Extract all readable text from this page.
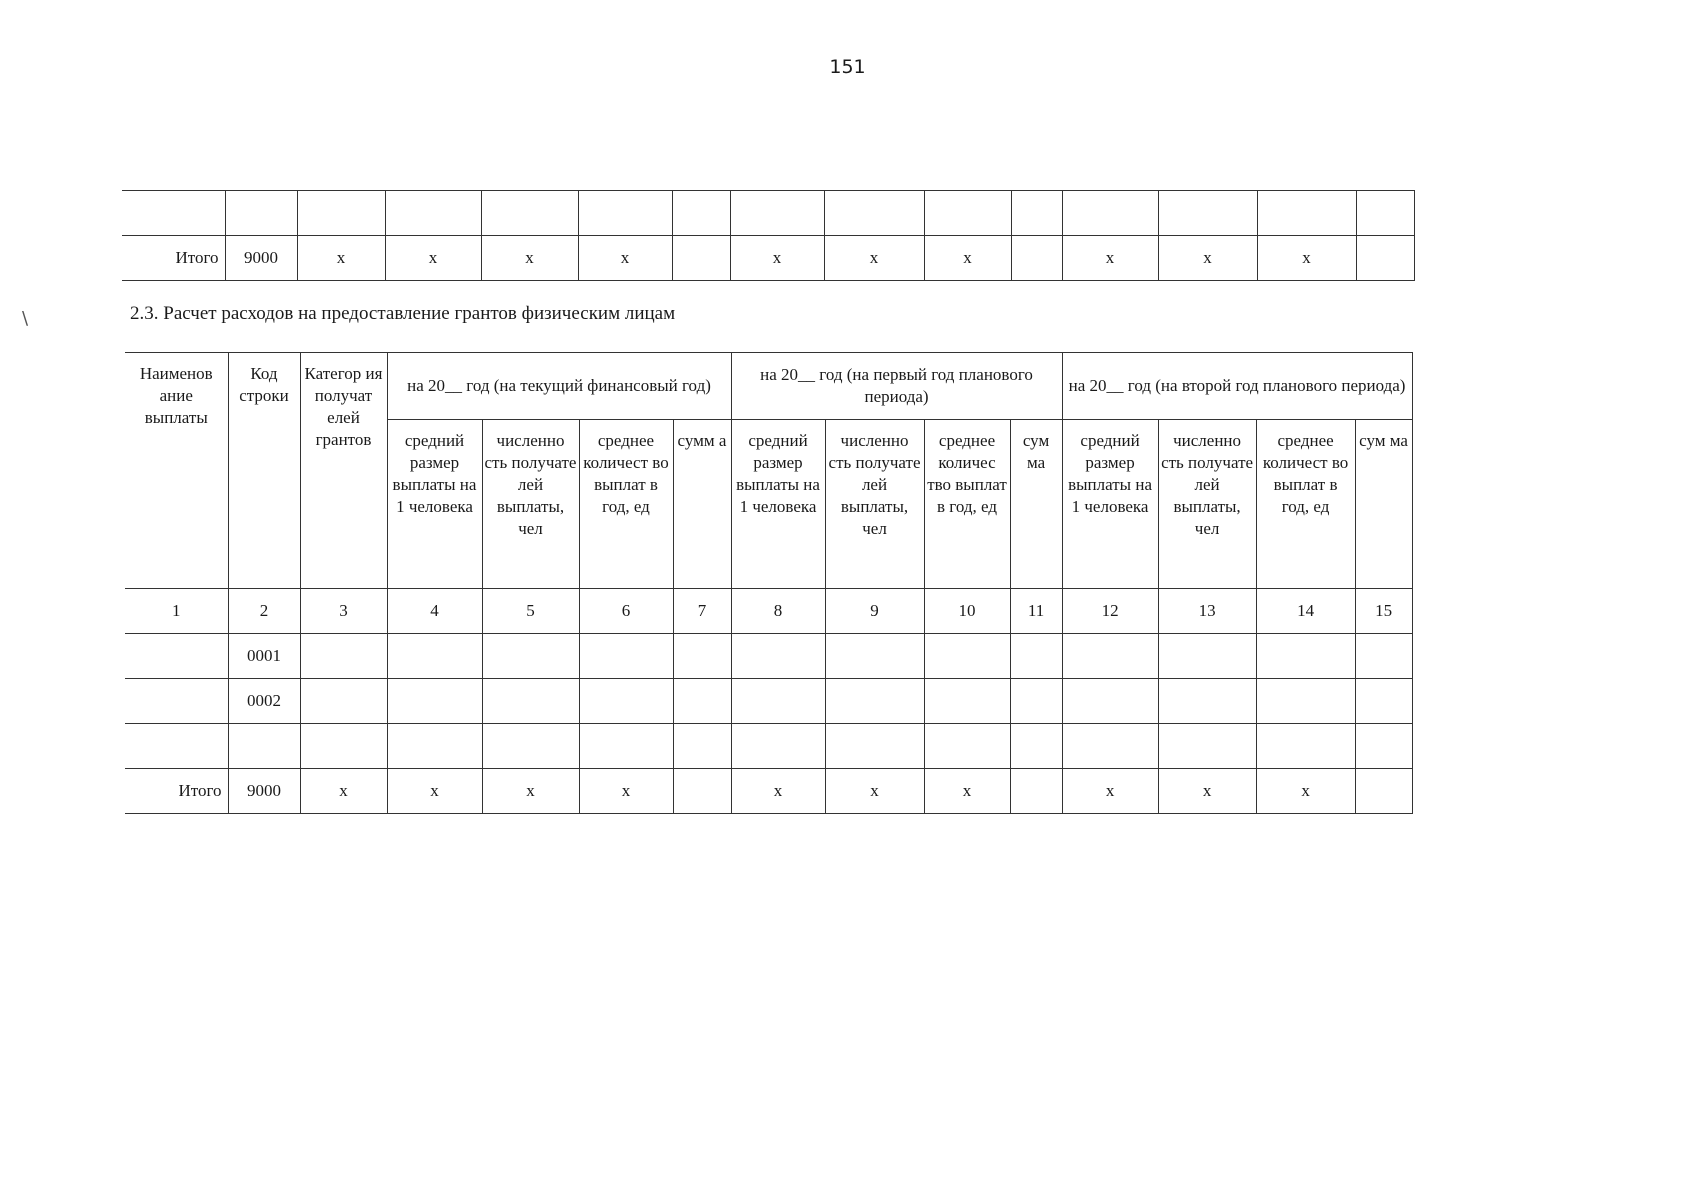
151

Итого	9000	x	x	x	x		x	x	x		x	x	x	
2.3. Расчет расходов на предоставление грантов физическим лицам
Наименов ание выплаты	Код строки	Категор ия получат елей грантов	на 20__ год (на текущий финансовый год)				на 20__ год (на первый год планового периода)				на 20__ год (на второй год планового периода)			
			средний размер выплаты на 1 человека	численно сть получате лей выплаты, чел	среднее количест во выплат в год, ед	сумм а	средний размер выплаты на 1 человека	численно сть получате лей выплаты, чел	среднее количес тво выплат в год, ед	сум ма	средний размер выплаты на 1 человека	численно сть получате лей выплаты, чел	среднее количест во выплат в год, ед	сум ма
1	2	3	4	5	6	7	8	9	10	11	12	13	14	15
	0001													
	0002													

Итого	9000	x	x	x	x		x	x	x		x	x	x	
\
